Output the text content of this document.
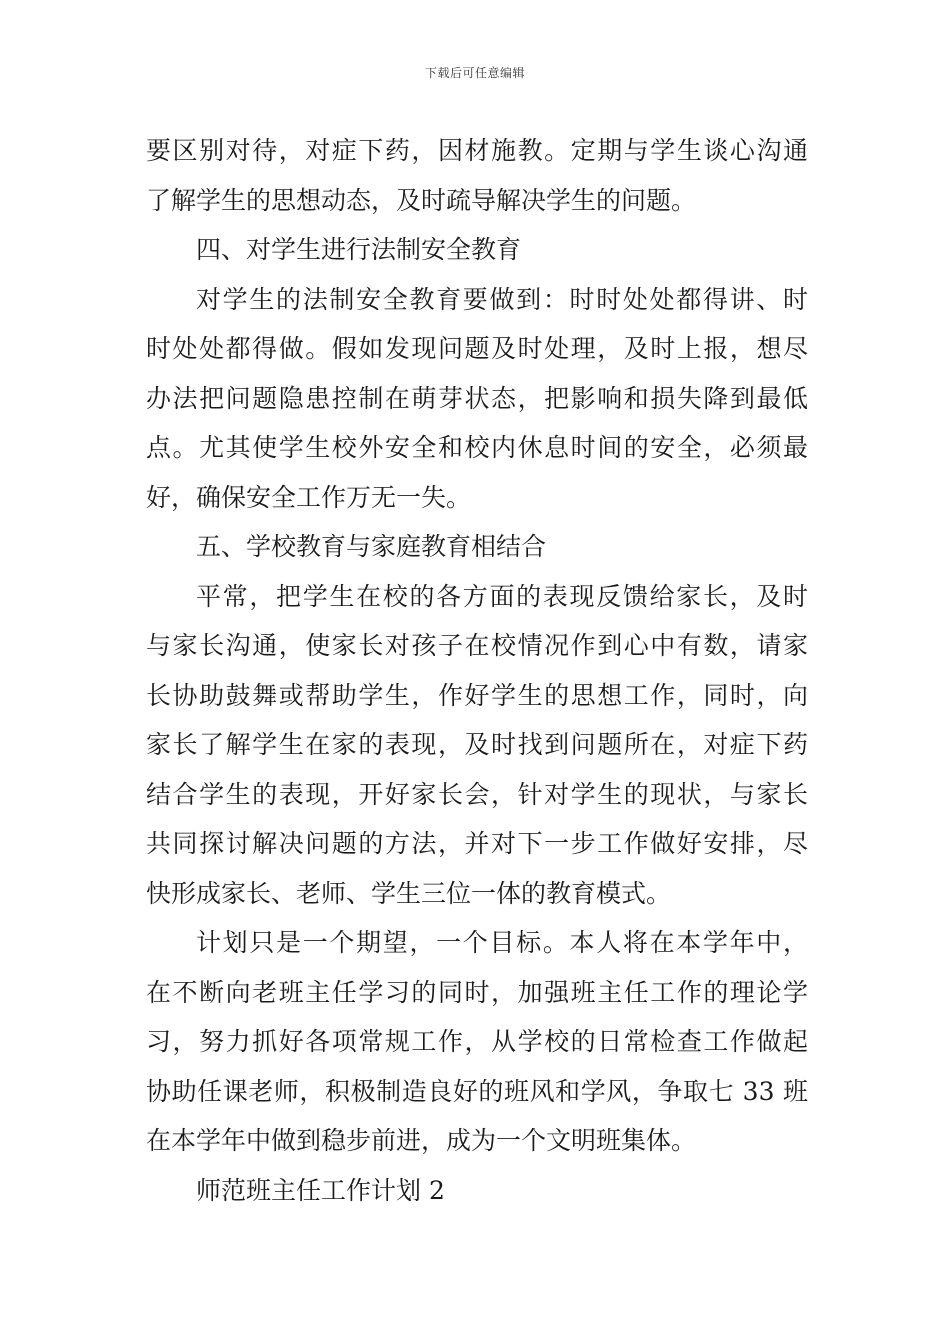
下载后可任意编辑
要区别对待，对症下药，因材施教。定期与学生谈心沟通
了解学生的思想动态，及时疏导解决学生的问题。
四、对学生进行法制安全教育
对学生的法制安全教育要做到：时时处处都得讲、时
时处处都得做。假如发现问题及时处理，及时上报，想尽
办法把问题隐患控制在萌芽状态，把影响和损失降到最低
点。尤其使学生校外安全和校内休息时间的安全，必须最
好，确保安全工作万无一失。
五、学校教育与家庭教育相结合
平常，把学生在校的各方面的表现反馈给家长，及时
与家长沟通，使家长对孩子在校情况作到心中有数，请家
长协助鼓舞或帮助学生，作好学生的思想工作，同时，向
家长了解学生在家的表现，及时找到问题所在，对症下药
结合学生的表现，开好家长会，针对学生的现状，与家长
共同探讨解决问题的方法，并对下一步工作做好安排，尽
快形成家长、老师、学生三位一体的教育模式。
计划只是一个期望，一个目标。本人将在本学年中，
在不断向老班主任学习的同时，加强班主任工作的理论学
习，努力抓好各项常规工作，从学校的日常检查工作做起
协助任课老师，积极制造良好的班风和学风，争取七 33 班
在本学年中做到稳步前进，成为一个文明班集体。
师范班主任工作计划 2
